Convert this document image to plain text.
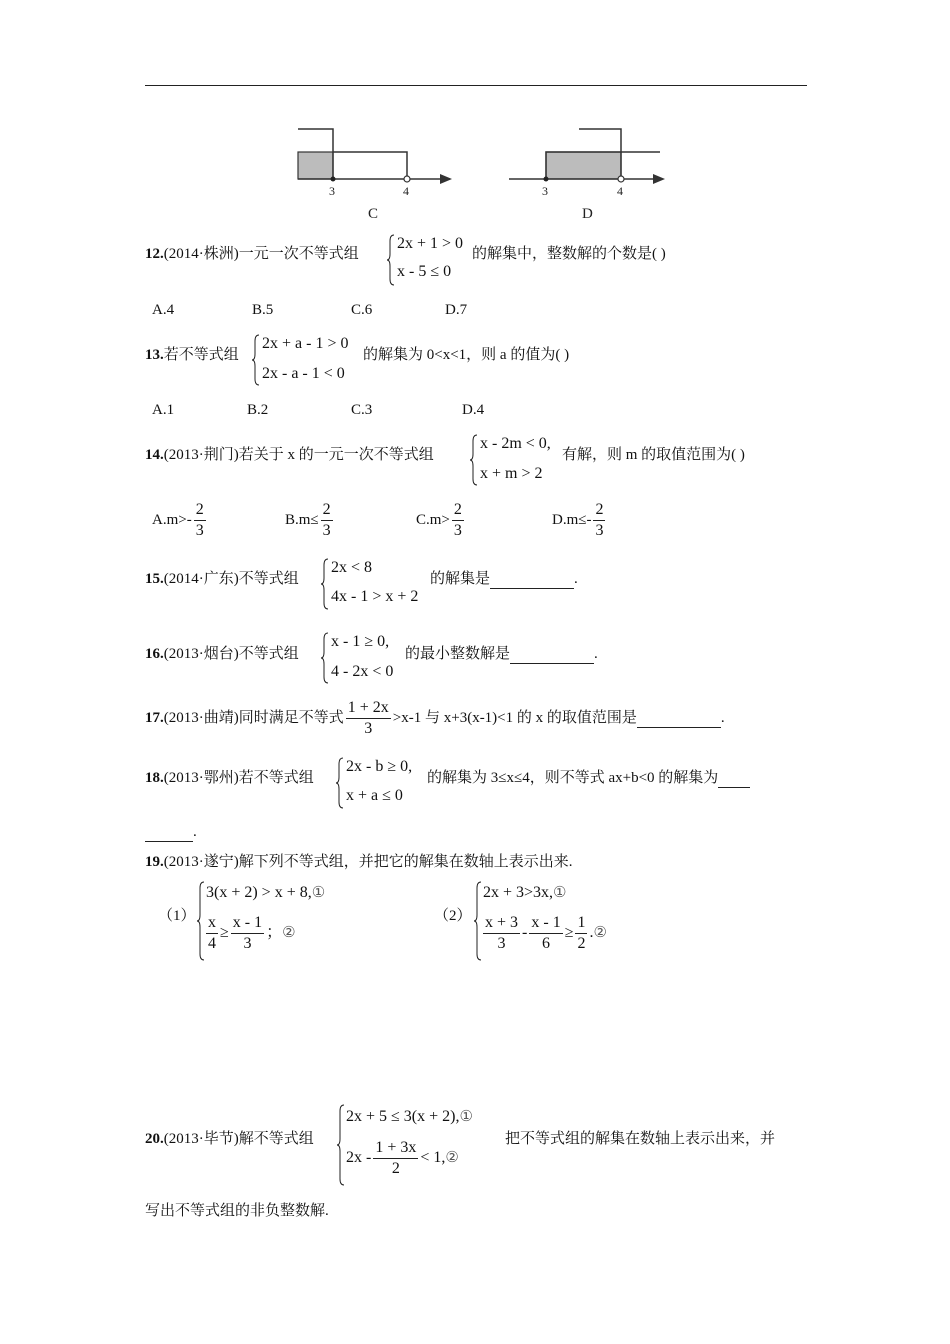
3	4
C
3	4
D
12.(2014·株洲)一元一次不等式组
2x + 1 > 0
x - 5 ≤ 0
的解集中，整数解的个数是( )
A.4	B.5	C.6	D.7
13.若不等式组
2x + a - 1 > 0
2x - a - 1 < 0
的解集为 0<x<1，则 a 的值为( )
A.1	B.2	C.3	D.4
14.(2013·荆门)若关于 x 的一元一次不等式组
x - 2m < 0,
x + m > 2
有解，则 m 的取值范围为( )
$A.m>- \frac{2}{3}$	$B.m\le \frac{2}{3}$	$C.m> \frac{2}{3}$	$D.m\le- \frac{2}{3}$
15.(2014·广东)不等式组
2x < 8
4x - 1 > x + 2
的解集是	.
16.(2013·烟台)不等式组
x - 1 ≥ 0,
4 - 2x < 0
的最小整数解是	.
17.(2013·曲靖)同时满足不等式 $\frac{1 + 2x}{3} >x-1$ 与 x+3(x-1)<1 的 x 的取值范围是	.
18.(2013·鄂州)若不等式组
2x - b ≥ 0,
x + a ≤ 0
的解集为 3≤x≤4，则不等式 ax+b<0 的解集为
.
19.(2013·遂宁)解下列不等式组，并把它的解集在数轴上表示出来.
（1）
3(x + 2) > x + 8,①
$\frac{x}{4} \ge \frac{x - 1}{3}$ ；②
（2）
2x + 3>3x,①
$\frac{x + 3}{3} - \frac{x - 1}{6} \ge \frac{1}{2}$ .②
20.(2013·毕节)解不等式组
2x + 5 ≤ 3(x + 2),①
$2x - \frac{1 + 3x}{2}$ < 1,②
把不等式组的解集在数轴上表示出来，并
写出不等式组的非负整数解.
